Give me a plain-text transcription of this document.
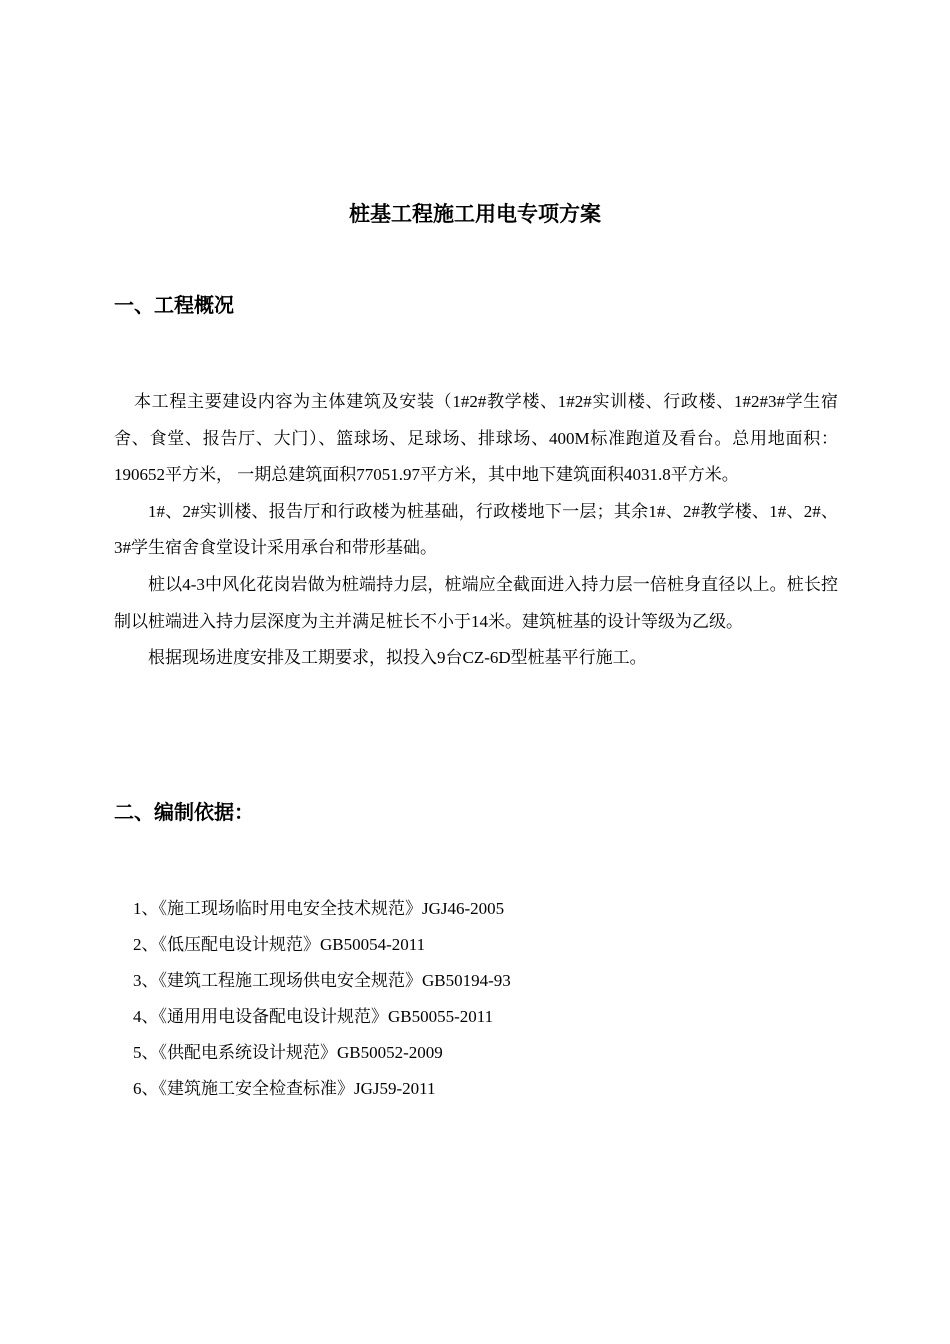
桩基工程施工用电专项方案
一、工程概况

本工程主要建设内容为主体建筑及安装（1#2#教学楼、1#2#实训楼、行政楼、1#2#3#学生宿舍、食堂、报告厅、大门）、篮球场、足球场、排球场、400M标准跑道及看台。总用地面积：190652平方米， 一期总建筑面积77051.97平方米，其中地下建筑面积4031.8平方米。

1#、2#实训楼、报告厅和行政楼为桩基础，行政楼地下一层；其余1#、2#教学楼、1#、2#、3#学生宿舍食堂设计采用承台和带形基础。

桩以4-3中风化花岗岩做为桩端持力层，桩端应全截面进入持力层一倍桩身直径以上。桩长控制以桩端进入持力层深度为主并满足桩长不小于14米。建筑桩基的设计等级为乙级。

根据现场进度安排及工期要求，拟投入9台CZ-6D型桩基平行施工。

二、编制依据：
1、《施工现场临时用电安全技术规范》JGJ46-2005
2、《低压配电设计规范》GB50054-2011
3、《建筑工程施工现场供电安全规范》GB50194-93
4、《通用用电设备配电设计规范》GB50055-2011
5、《供配电系统设计规范》GB50052-2009
6、《建筑施工安全检查标准》JGJ59-2011
